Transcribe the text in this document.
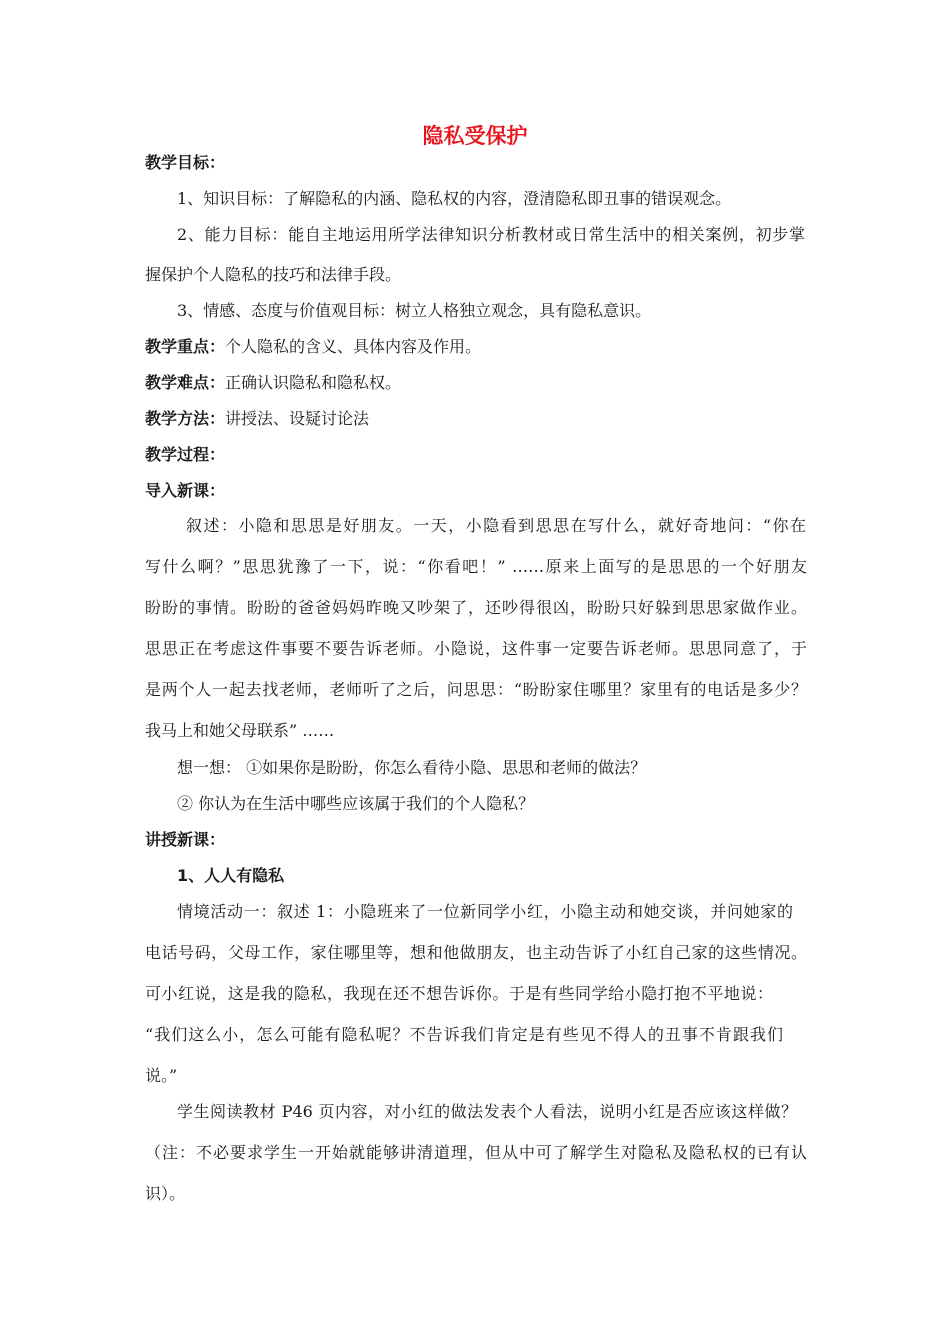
隐私受保护
教学目标：
1、知识目标：了解隐私的内涵、隐私权的内容，澄清隐私即丑事的错误观念。
2、能力目标：能自主地运用所学法律知识分析教材或日常生活中的相关案例，初步掌
握保护个人隐私的技巧和法律手段。
3、情感、态度与价值观目标：树立人格独立观念，具有隐私意识。
教学重点：个人隐私的含义、具体内容及作用。
教学难点：正确认识隐私和隐私权。
教学方法：讲授法、设疑讨论法
教学过程：
导入新课：
叙述：小隐和思思是好朋友。一天，小隐看到思思在写什么，就好奇地问：“你在
写什么啊？”思思犹豫了一下，说：“你看吧！” ……原来上面写的是思思的一个好朋友
盼盼的事情。盼盼的爸爸妈妈昨晚又吵架了，还吵得很凶，盼盼只好躲到思思家做作业。
思思正在考虑这件事要不要告诉老师。小隐说，这件事一定要告诉老师。思思同意了，于
是两个人一起去找老师，老师听了之后，问思思：“盼盼家住哪里？家里有的电话是多少？
我马上和她父母联系” ……
想一想： ①如果你是盼盼，你怎么看待小隐、思思和老师的做法？
② 你认为在生活中哪些应该属于我们的个人隐私？
讲授新课：
1、人人有隐私
情境活动一：叙述 1：小隐班来了一位新同学小红，小隐主动和她交谈，并问她家的
电话号码，父母工作，家住哪里等，想和他做朋友，也主动告诉了小红自己家的这些情况。
可小红说，这是我的隐私，我现在还不想告诉你。于是有些同学给小隐打抱不平地说：
“我们这么小，怎么可能有隐私呢？不告诉我们肯定是有些见不得人的丑事不肯跟我们
说。”
学生阅读教材 P46 页内容，对小红的做法发表个人看法，说明小红是否应该这样做？
（注：不必要求学生一开始就能够讲清道理，但从中可了解学生对隐私及隐私权的已有认
识）。
